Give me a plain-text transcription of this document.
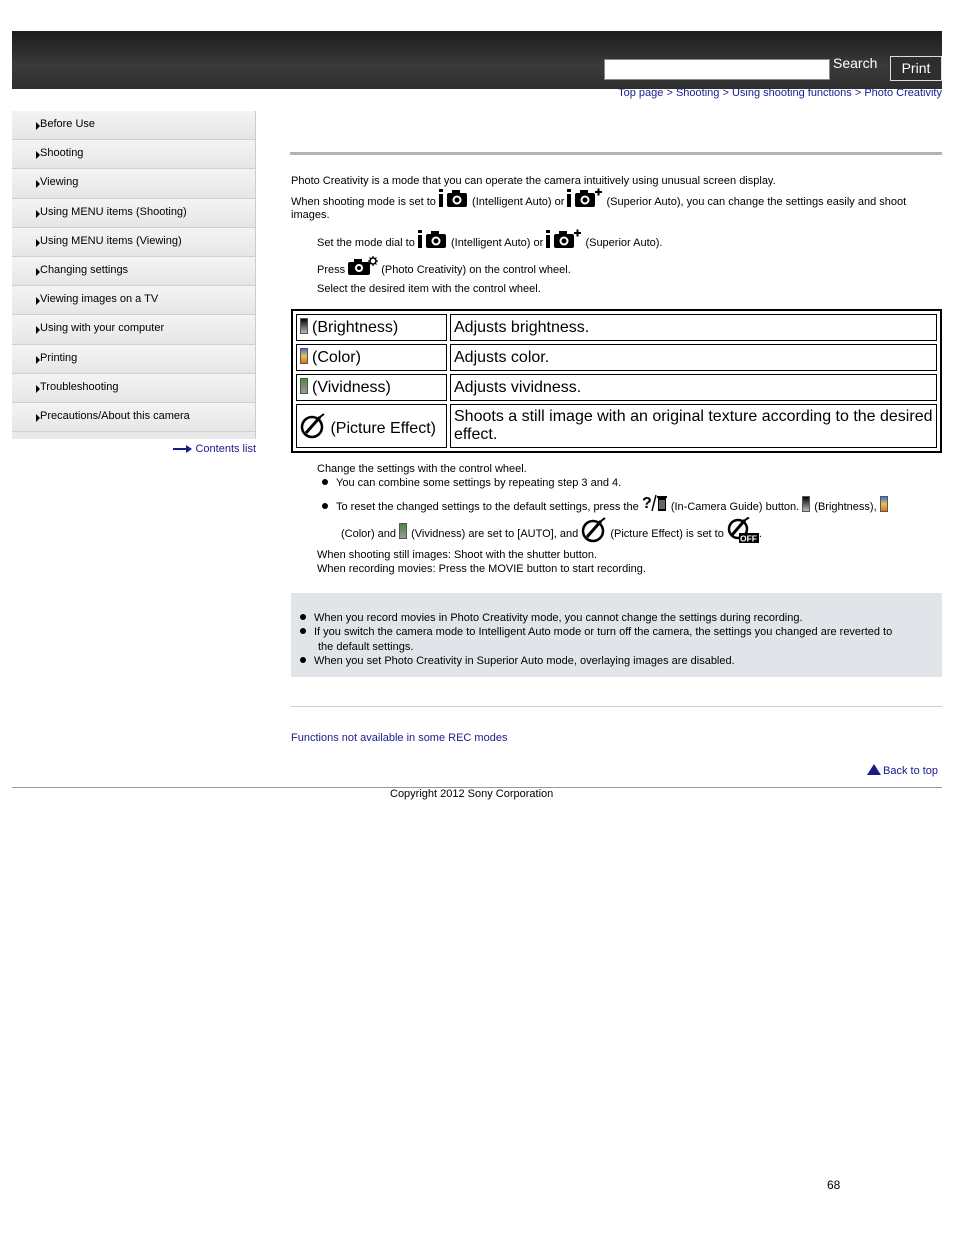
Search	Print
Top page > Shooting > Using shooting functions > Photo Creativity
Before Use
Shooting
Viewing
Using MENU items (Shooting)
Using MENU items (Viewing)
Changing settings
Viewing images on a TV
Using with your computer
Printing
Troubleshooting
Precautions/About this camera
Contents list
Photo Creativity is a mode that you can operate the camera intuitively using unusual screen display.
When shooting mode is set to	(Intelligent Auto) or	(Superior Auto), you can change the settings easily and shoot
images.
Set the mode dial to	(Intelligent Auto) or	(Superior Auto).
Press	(Photo Creativity) on the control wheel.
Select the desired item with the control wheel.
(Brightness)	Adjusts brightness.
(Color)	Adjusts color.
(Vividness)	Adjusts vividness.
(Picture Effect)	Shoots a still image with an original texture according to the desired effect.
Change the settings with the control wheel.
You can combine some settings by repeating step 3 and 4.
To reset the changed settings to the default settings, press the ? (In-Camera Guide) button. (Brightness),
(Color) and (Vividness) are set to [AUTO], and	(Picture Effect) is set to OFF .
When shooting still images: Shoot with the shutter button.
When recording movies: Press the MOVIE button to start recording.
When you record movies in Photo Creativity mode, you cannot change the settings during recording.
If you switch the camera mode to Intelligent Auto mode or turn off the camera, the settings you changed are reverted to
the default settings.
When you set Photo Creativity in Superior Auto mode, overlaying images are disabled.
Functions not available in some REC modes
Back to top
Copyright 2012 Sony Corporation
68
